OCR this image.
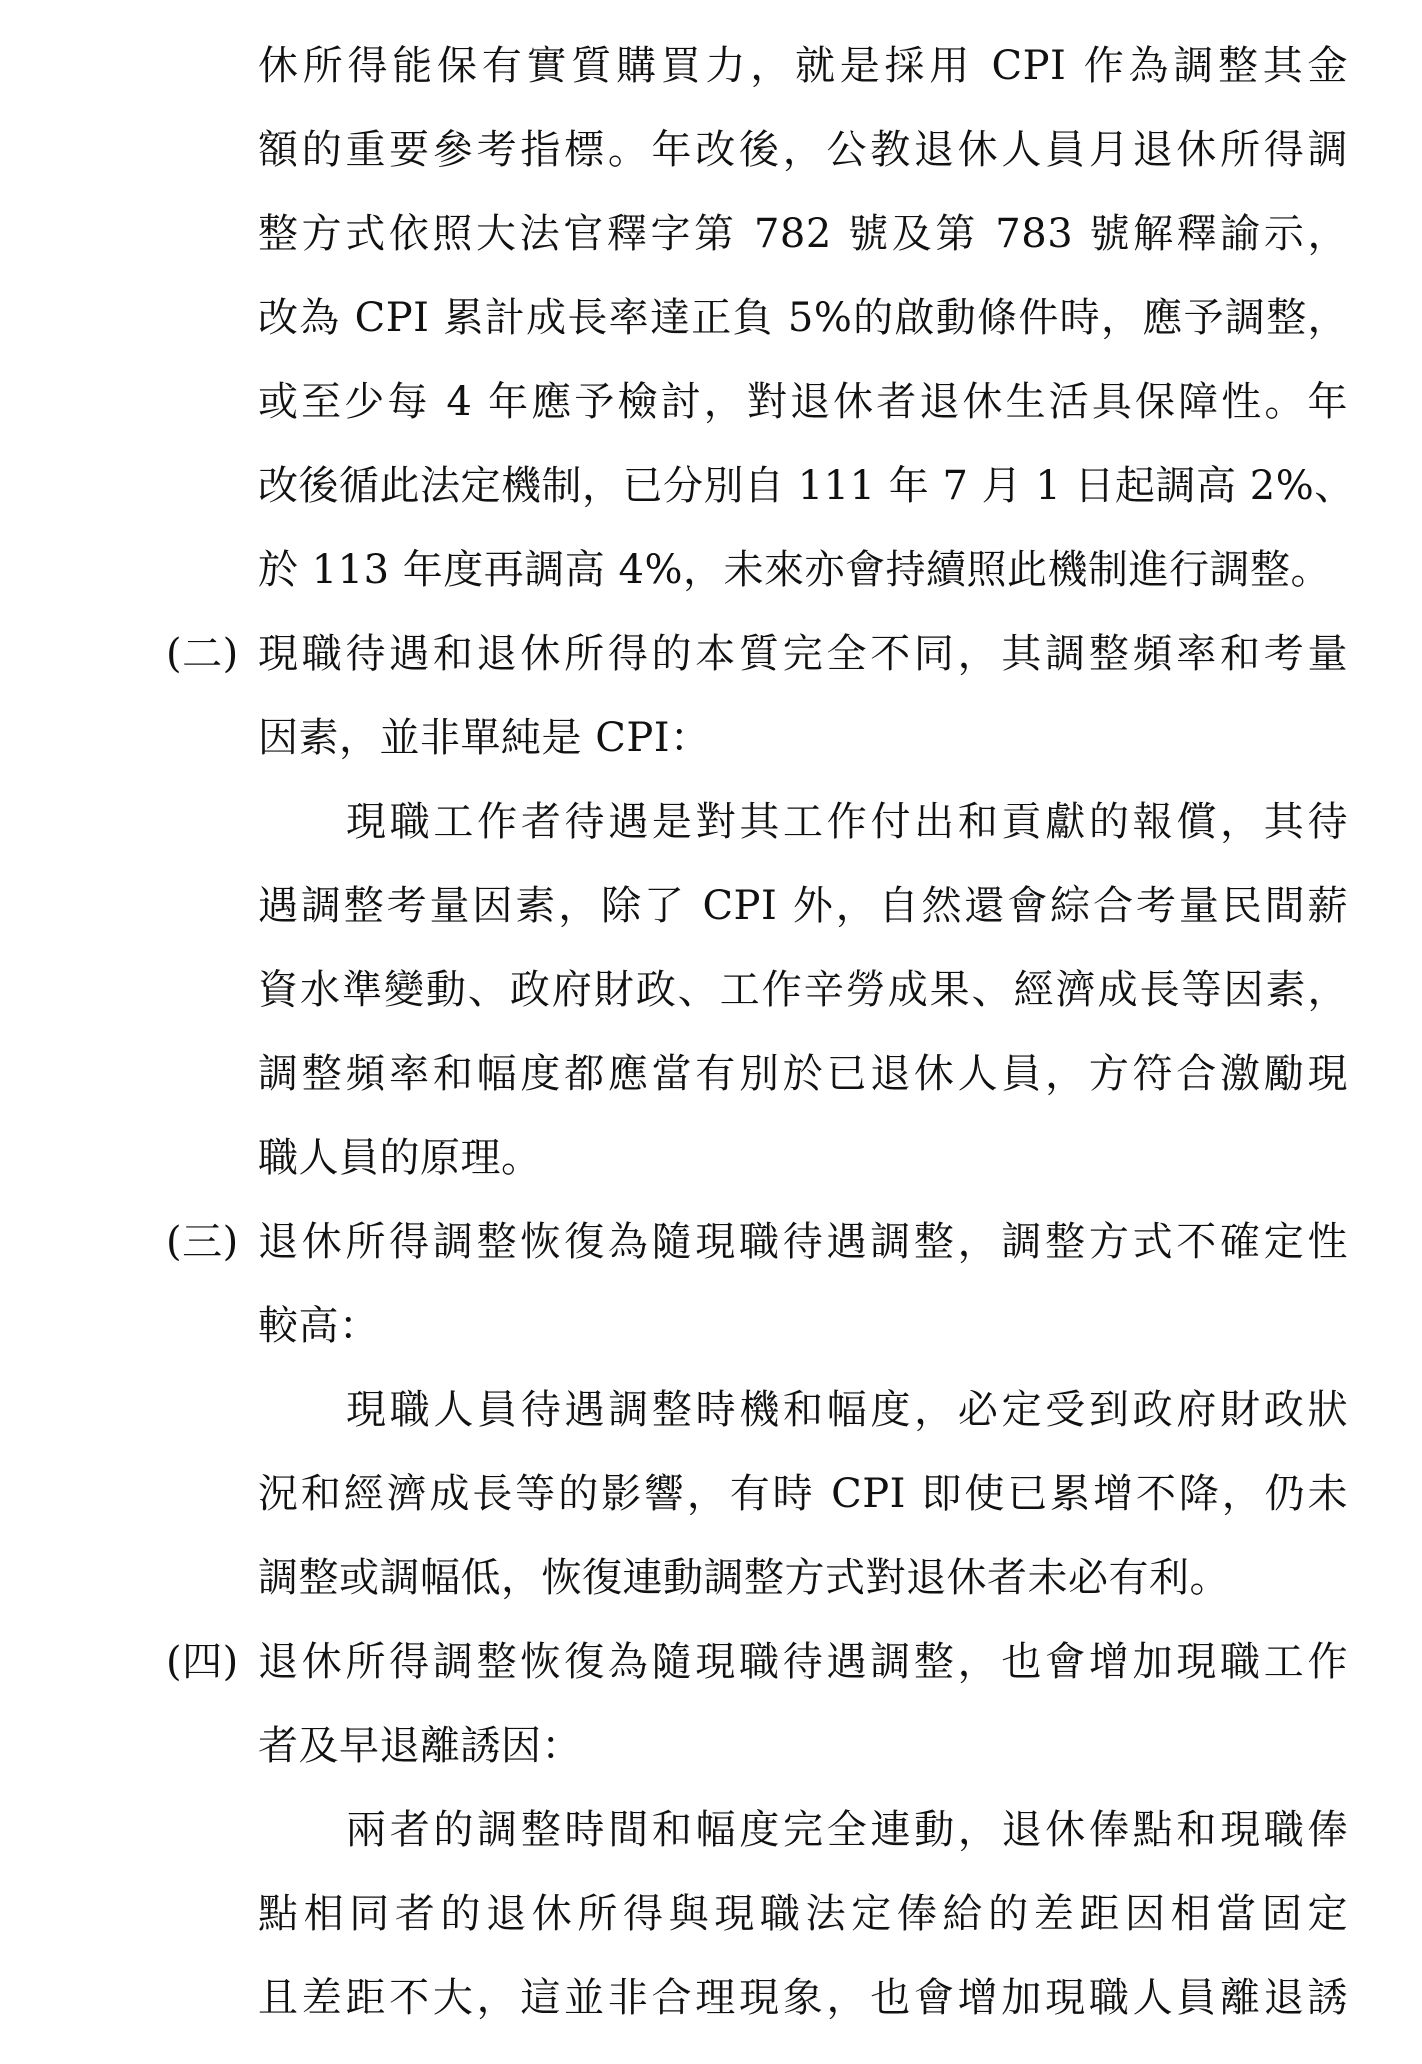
休所得能保有實質購買力，就是採用 CPI 作為調整其金
額的重要參考指標。年改後，公教退休人員月退休所得調
整方式依照大法官釋字第 782 號及第 783 號解釋諭示，
改為 CPI 累計成長率達正負 5%的啟動條件時，應予調整，
或至少每 4 年應予檢討，對退休者退休生活具保障性。年
改後循此法定機制，已分別自 111 年 7 月 1 日起調高 2%、
於 113 年度再調高 4%，未來亦會持續照此機制進行調整。
(二) 現職待遇和退休所得的本質完全不同，其調整頻率和考量
因素，並非單純是 CPI：
現職工作者待遇是對其工作付出和貢獻的報償，其待
遇調整考量因素，除了 CPI 外，自然還會綜合考量民間薪
資水準變動、政府財政、工作辛勞成果、經濟成長等因素，
調整頻率和幅度都應當有別於已退休人員，方符合激勵現
職人員的原理。
(三) 退休所得調整恢復為隨現職待遇調整，調整方式不確定性
較高：
現職人員待遇調整時機和幅度，必定受到政府財政狀
況和經濟成長等的影響，有時 CPI 即使已累增不降，仍未
調整或調幅低，恢復連動調整方式對退休者未必有利。
(四) 退休所得調整恢復為隨現職待遇調整，也會增加現職工作
者及早退離誘因：
兩者的調整時間和幅度完全連動，退休俸點和現職俸
點相同者的退休所得與現職法定俸給的差距因相當固定
且差距不大，這並非合理現象，也會增加現職人員離退誘
